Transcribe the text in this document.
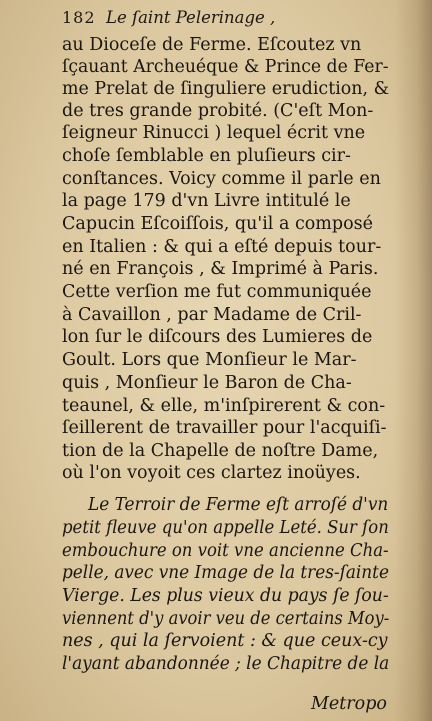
182 Le ſaint Pelerinage ,
au Dioceſe de Ferme. Eſcoutez vn
ſçauant Archeuéque & Prince de Fer-
me Prelat de ſinguliere erudiction, &
de tres grande probité. (C'eſt Mon-
ſeigneur Rinucci ) lequel écrit vne
choſe ſemblable en pluſieurs cir-
conſtances. Voicy comme il parle en
la page 179 d'vn Livre intitulé le
Capucin Eſcoiſſois, qu'il a composé
en Italien : & qui a eſté depuis tour-
né en François , & Imprimé à Paris.
Cette verſion me fut communiquée
à Cavaillon , par Madame de Cril-
lon ſur le diſcours des Lumieres de
Goult. Lors que Monſieur le Mar-
quis , Monſieur le Baron de Cha-
teaunel, & elle, m'inſpirerent & con-
ſeillerent de travailler pour l'acquiſi-
tion de la Chapelle de noſtre Dame,
où l'on voyoit ces clartez inoüyes.
Le Terroir de Ferme eſt arroſé d'vn
petit fleuve qu'on appelle Leté. Sur ſon
embouchure on voit vne ancienne Cha-
pelle, avec vne Image de la tres-ſainte
Vierge. Les plus vieux du pays ſe ſou-
viennent d'y avoir veu de certains Moy-
nes , qui la ſervoient : & que ceux-cy
l'ayant abandonnée ; le Chapitre de la
Metropo
